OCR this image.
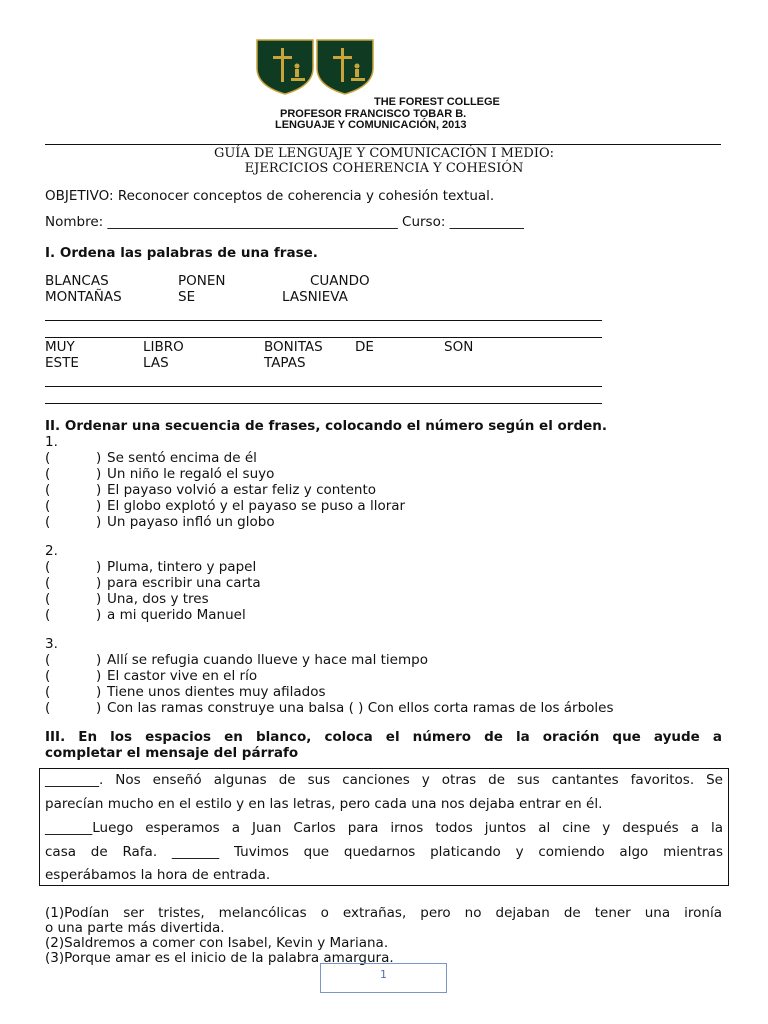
THE FOREST COLLEGE
PROFESOR FRANCISCO TOBAR B.
LENGUAJE Y COMUNICACIÓN, 2013
GUÍA DE LENGUAJE Y COMUNICACIÓN I MEDIO:
EJERCICIOS COHERENCIA Y COHESIÓN
OBJETIVO: Reconocer conceptos de coherencia y cohesión textual.
Nombre: ___________________________________________ Curso: ___________
I. Ordena las palabras de una frase.
BLANCAS	PONEN	CUANDO
MONTAÑAS	SE	LASNIEVA
MUY	LIBRO	BONITAS DE	SON
ESTE	LAS	TAPAS
II. Ordenar una secuencia de frases, colocando el número según el orden.
1.
(	) Se sentó encima de él
(	) Un niño le regaló el suyo
(	) El payaso volvió a estar feliz y contento
(	) El globo explotó y el payaso se puso a llorar
(	) Un payaso infló un globo
2.
(	) Pluma, tintero y papel
(	) para escribir una carta
(	) Una, dos y tres
(	) a mi querido Manuel
3.
(	) Allí se refugia cuando llueve y hace mal tiempo
(	) El castor vive en el río
(	) Tiene unos dientes muy afilados
(	) Con las ramas construye una balsa ( ) Con ellos corta ramas de los árboles
III. En los espacios en blanco, coloca el número de la oración que ayude a
completar el mensaje del párrafo
________. Nos enseñó algunas de sus canciones y otras de sus cantantes favoritos. Se
parecían mucho en el estilo y en las letras, pero cada una nos dejaba entrar en él.
_______Luego esperamos a Juan Carlos para irnos todos juntos al cine y después a la
casa de Rafa. _______ Tuvimos que quedarnos platicando y comiendo algo mientras
esperábamos la hora de entrada.
(1)Podían ser tristes, melancólicas o extrañas, pero no dejaban de tener una ironía
o una parte más divertida.
(2)Saldremos a comer con Isabel, Kevin y Mariana.
(3)Porque amar es el inicio de la palabra amargura.
1
